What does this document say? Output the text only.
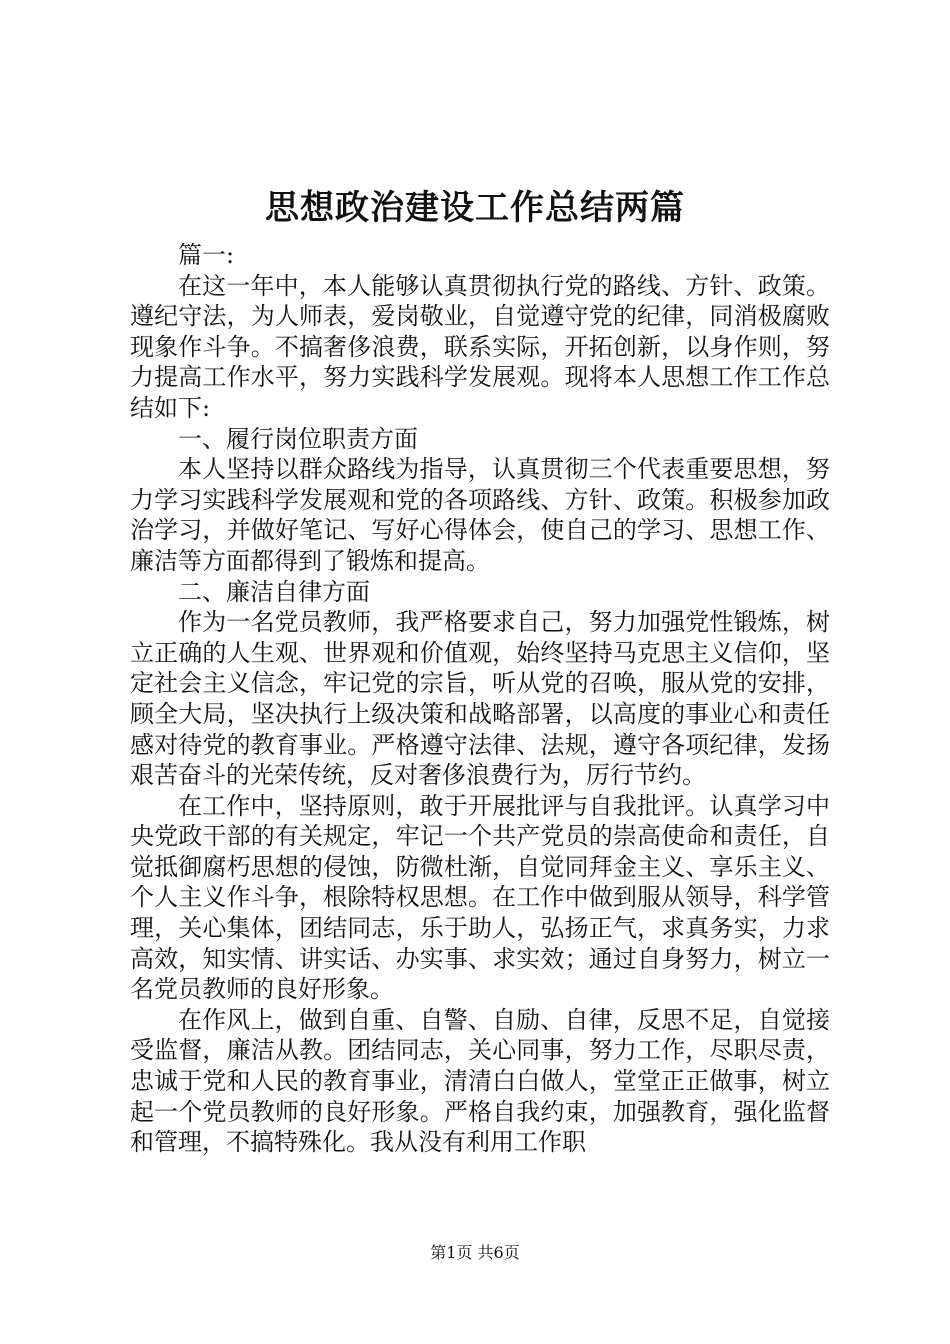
思想政治建设工作总结两篇

篇一:

在这一年中，本人能够认真贯彻执行党的路线、方针、政策。遵纪守法，为人师表，爱岗敬业，自觉遵守党的纪律，同消极腐败现象作斗争。不搞奢侈浪费，联系实际，开拓创新，以身作则，努力提高工作水平，努力实践科学发展观。现将本人思想工作工作总结如下:

一、履行岗位职责方面

本人坚持以群众路线为指导，认真贯彻三个代表重要思想，努力学习实践科学发展观和党的各项路线、方针、政策。积极参加政治学习，并做好笔记、写好心得体会，使自己的学习、思想工作、廉洁等方面都得到了锻炼和提高。

二、廉洁自律方面

作为一名党员教师，我严格要求自己，努力加强党性锻炼，树立正确的人生观、世界观和价值观，始终坚持马克思主义信仰，坚定社会主义信念，牢记党的宗旨，听从党的召唤，服从党的安排，顾全大局，坚决执行上级决策和战略部署，以高度的事业心和责任感对待党的教育事业。严格遵守法律、法规，遵守各项纪律，发扬艰苦奋斗的光荣传统，反对奢侈浪费行为，厉行节约。

在工作中，坚持原则，敢于开展批评与自我批评。认真学习中央党政干部的有关规定，牢记一个共产党员的崇高使命和责任，自觉抵御腐朽思想的侵蚀，防微杜渐，自觉同拜金主义、享乐主义、个人主义作斗争，根除特权思想。在工作中做到服从领导，科学管理，关心集体，团结同志，乐于助人，弘扬正气，求真务实，力求高效，知实情、讲实话、办实事、求实效；通过自身努力，树立一名党员教师的良好形象。

在作风上，做到自重、自警、自励、自律，反思不足，自觉接受监督，廉洁从教。团结同志，关心同事，努力工作，尽职尽责，忠诚于党和人民的教育事业，清清白白做人，堂堂正正做事，树立起一个党员教师的良好形象。严格自我约束，加强教育，强化监督和管理，不搞特殊化。我从没有利用工作职

第1页 共6页
